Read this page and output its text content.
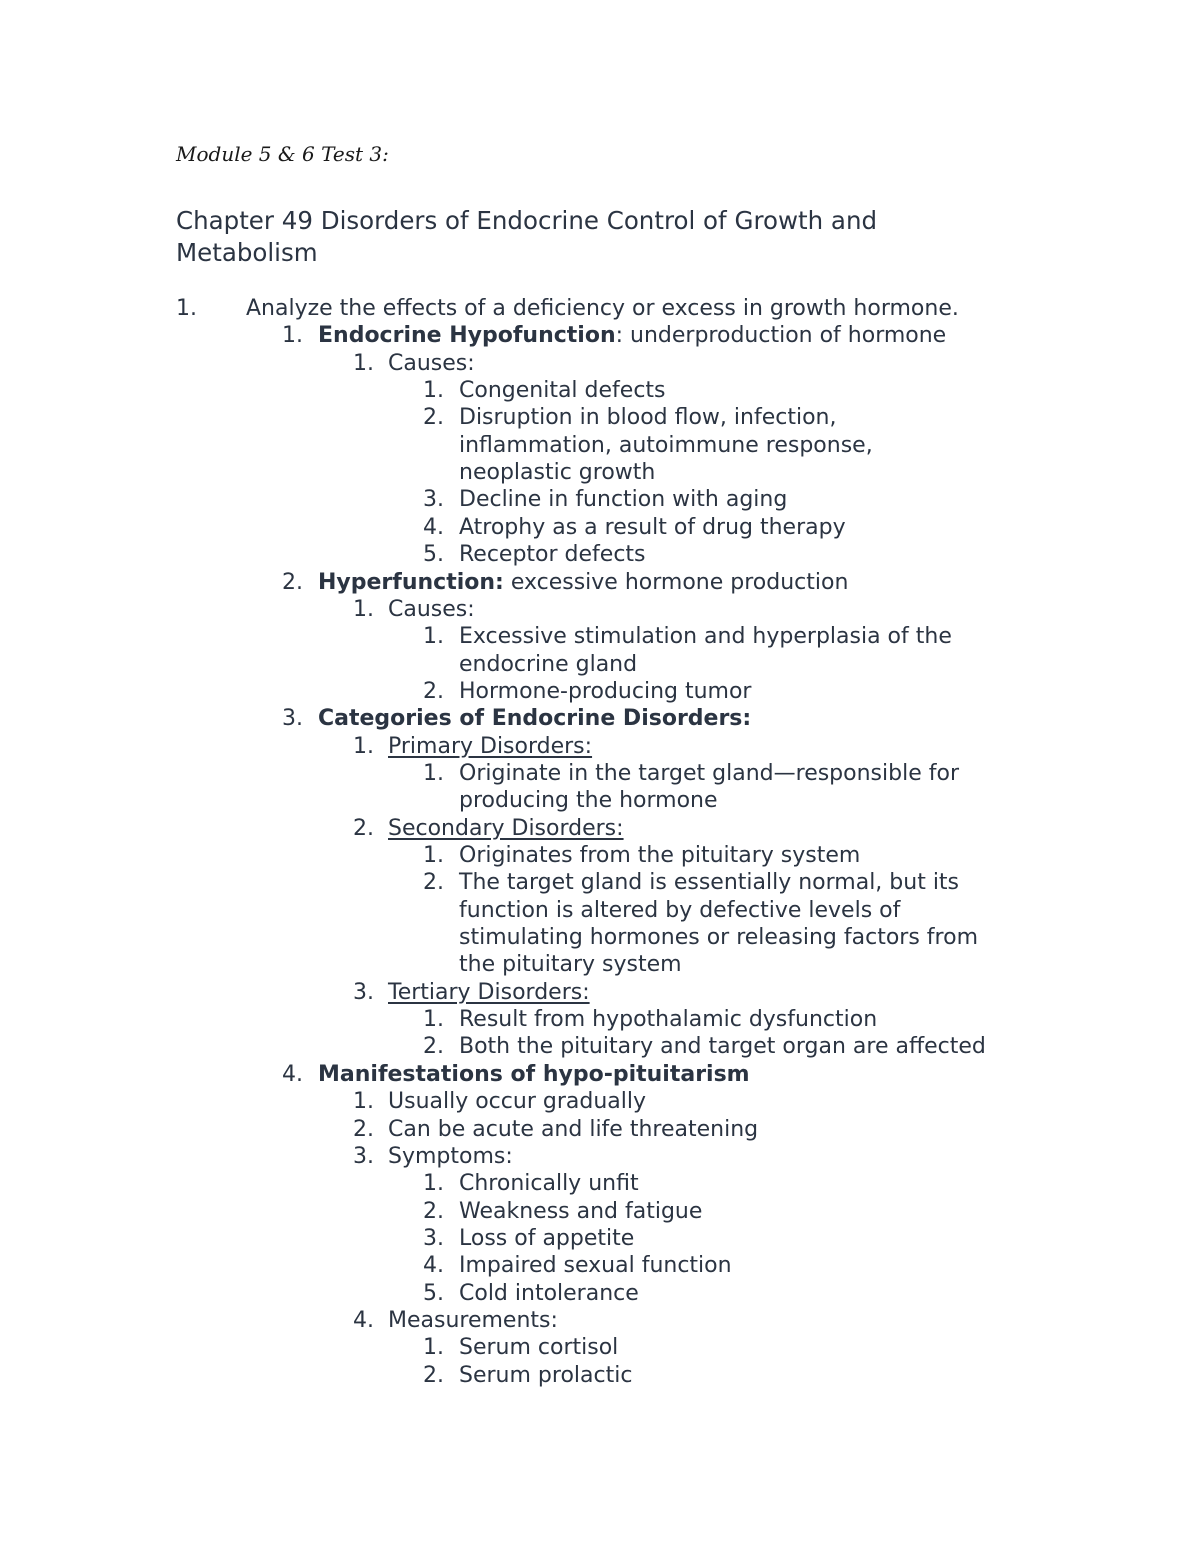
Module 5 & 6 Test 3:
Chapter 49 Disorders of Endocrine Control of Growth and Metabolism
1. Analyze the effects of a deficiency or excess in growth hormone.
1. Endocrine Hypofunction: underproduction of hormone
1. Causes:
1. Congenital defects
2. Disruption in blood flow, infection,
inflammation, autoimmune response,
neoplastic growth
3. Decline in function with aging
4. Atrophy as a result of drug therapy
5. Receptor defects
2. Hyperfunction: excessive hormone production
1. Causes:
1. Excessive stimulation and hyperplasia of the
endocrine gland
2. Hormone-producing tumor
3. Categories of Endocrine Disorders:
1. Primary Disorders:
1. Originate in the target gland—responsible for
producing the hormone
2. Secondary Disorders:
1. Originates from the pituitary system
2. The target gland is essentially normal, but its
function is altered by defective levels of
stimulating hormones or releasing factors from
the pituitary system
3. Tertiary Disorders:
1. Result from hypothalamic dysfunction
2. Both the pituitary and target organ are affected
4. Manifestations of hypo-pituitarism
1. Usually occur gradually
2. Can be acute and life threatening
3. Symptoms:
1. Chronically unfit
2. Weakness and fatigue
3. Loss of appetite
4. Impaired sexual function
5. Cold intolerance
4. Measurements:
1. Serum cortisol
2. Serum prolactic
